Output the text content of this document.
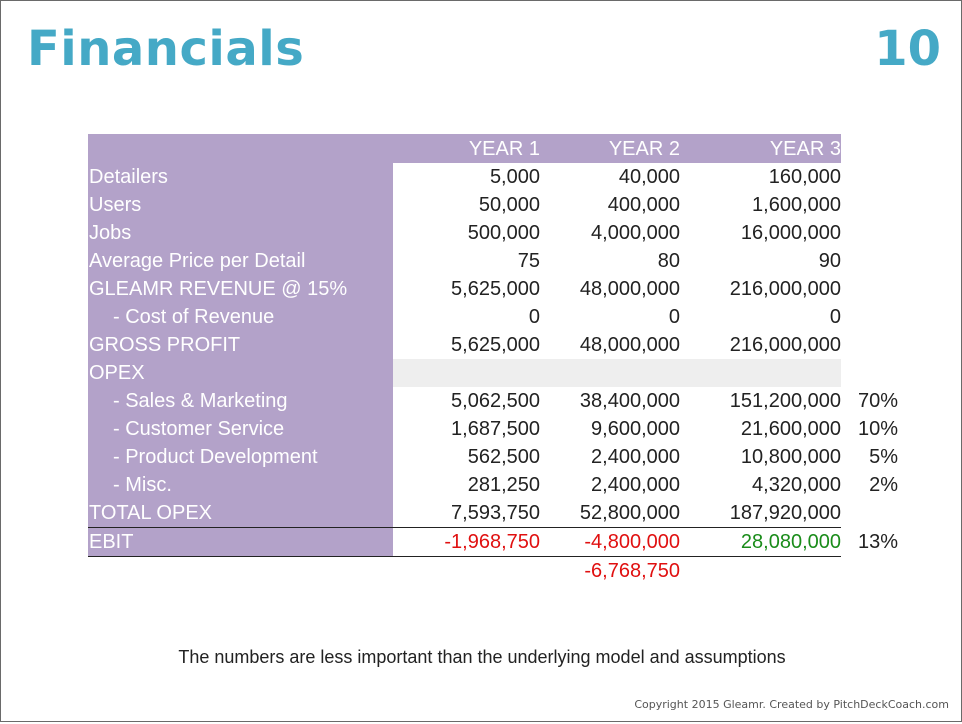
Financials	10
	YEAR 1	YEAR 2	YEAR 3	
Detailers	5,000	40,000	160,000	
Users	50,000	400,000	1,600,000	
Jobs	500,000	4,000,000	16,000,000	
Average Price per Detail	75	80	90	
GLEAMR REVENUE @ 15%	5,625,000	48,000,000	216,000,000	
- Cost of Revenue	0	0	0	
GROSS PROFIT	5,625,000	48,000,000	216,000,000	
OPEX				
- Sales & Marketing	5,062,500	38,400,000	151,200,000	70%
- Customer Service	1,687,500	9,600,000	21,600,000	10%
- Product Development	562,500	2,400,000	10,800,000	5%
- Misc.	281,250	2,400,000	4,320,000	2%
TOTAL OPEX	7,593,750	52,800,000	187,920,000	
EBIT	-1,968,750	-4,800,000	28,080,000	13%
		-6,768,750		
The numbers are less important than the underlying model and assumptions
Copyright 2015 Gleamr. Created by PitchDeckCoach.com
